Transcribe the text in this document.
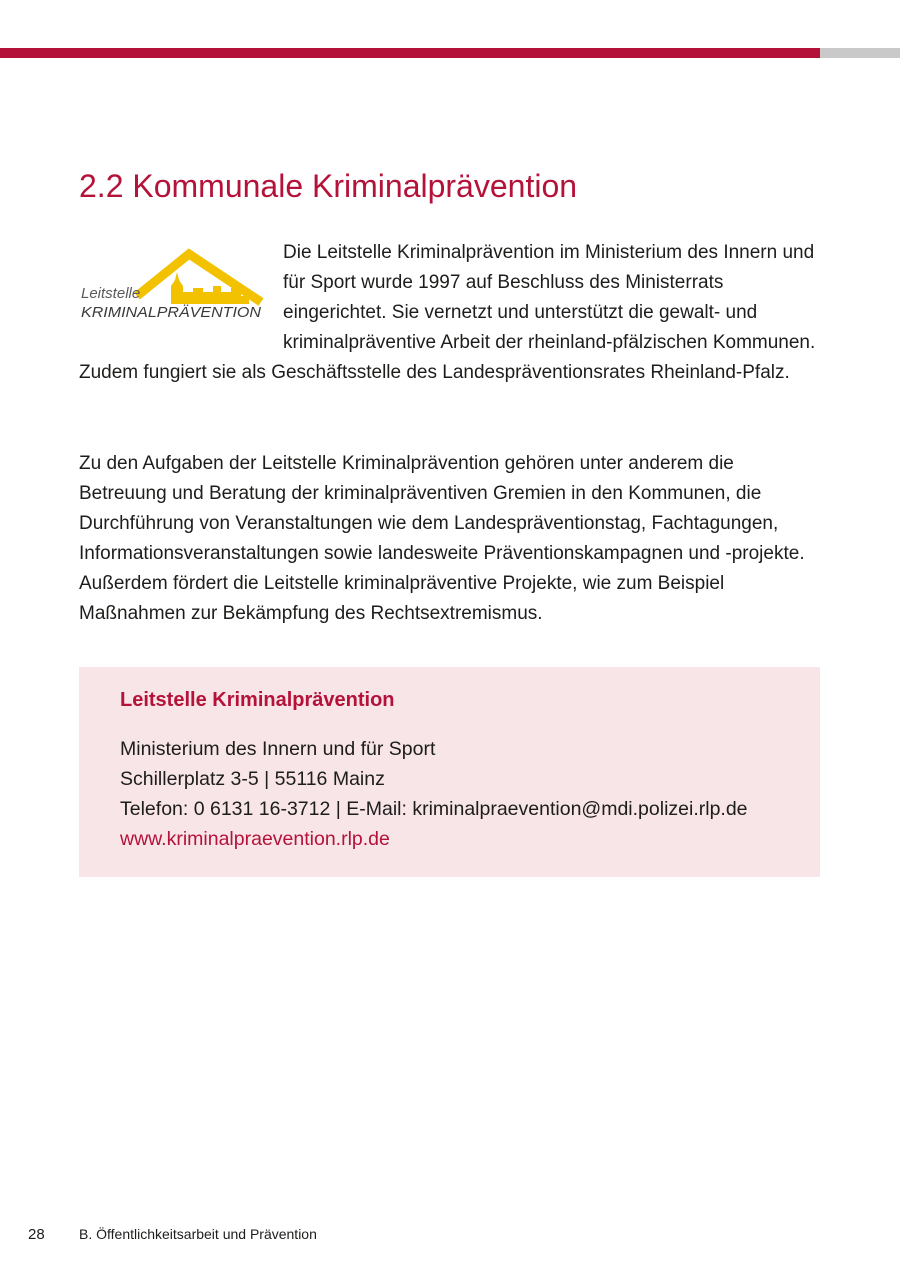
2.2 Kommunale Kriminalprävention

Leitstelle
KRIMINALPRÄVENTION
Die Leitstelle Kriminalprävention im Ministerium des Innern und für Sport wurde 1997 auf Beschluss des Ministerrats eingerichtet. Sie vernetzt und unterstützt die gewalt- und kriminalpräventive Arbeit der rheinland-pfälzischen Kommunen. Zudem fungiert sie als Geschäftsstelle des Landespräventionsrates Rheinland-Pfalz.

Zu den Aufgaben der Leitstelle Kriminalprävention gehören unter anderem die Betreuung und Beratung der kriminalpräventiven Gremien in den Kommunen, die Durchführung von Veranstaltungen wie dem Landespräventionstag, Fachtagungen, Informationsveranstaltungen sowie landesweite Präventionskampagnen und -projekte. Außerdem fördert die Leitstelle kriminalpräventive Projekte, wie zum Beispiel Maßnahmen zur Bekämpfung des Rechtsextremismus.

Leitstelle Kriminalprävention
Ministerium des Innern und für Sport
Schillerplatz 3-5 | 55116 Mainz
Telefon: 0 6131 16-3712 | E-Mail: kriminalpraevention@mdi.polizei.rlp.de
www.kriminalpraevention.rlp.de
28 B. Öffentlichkeitsarbeit und Prävention
